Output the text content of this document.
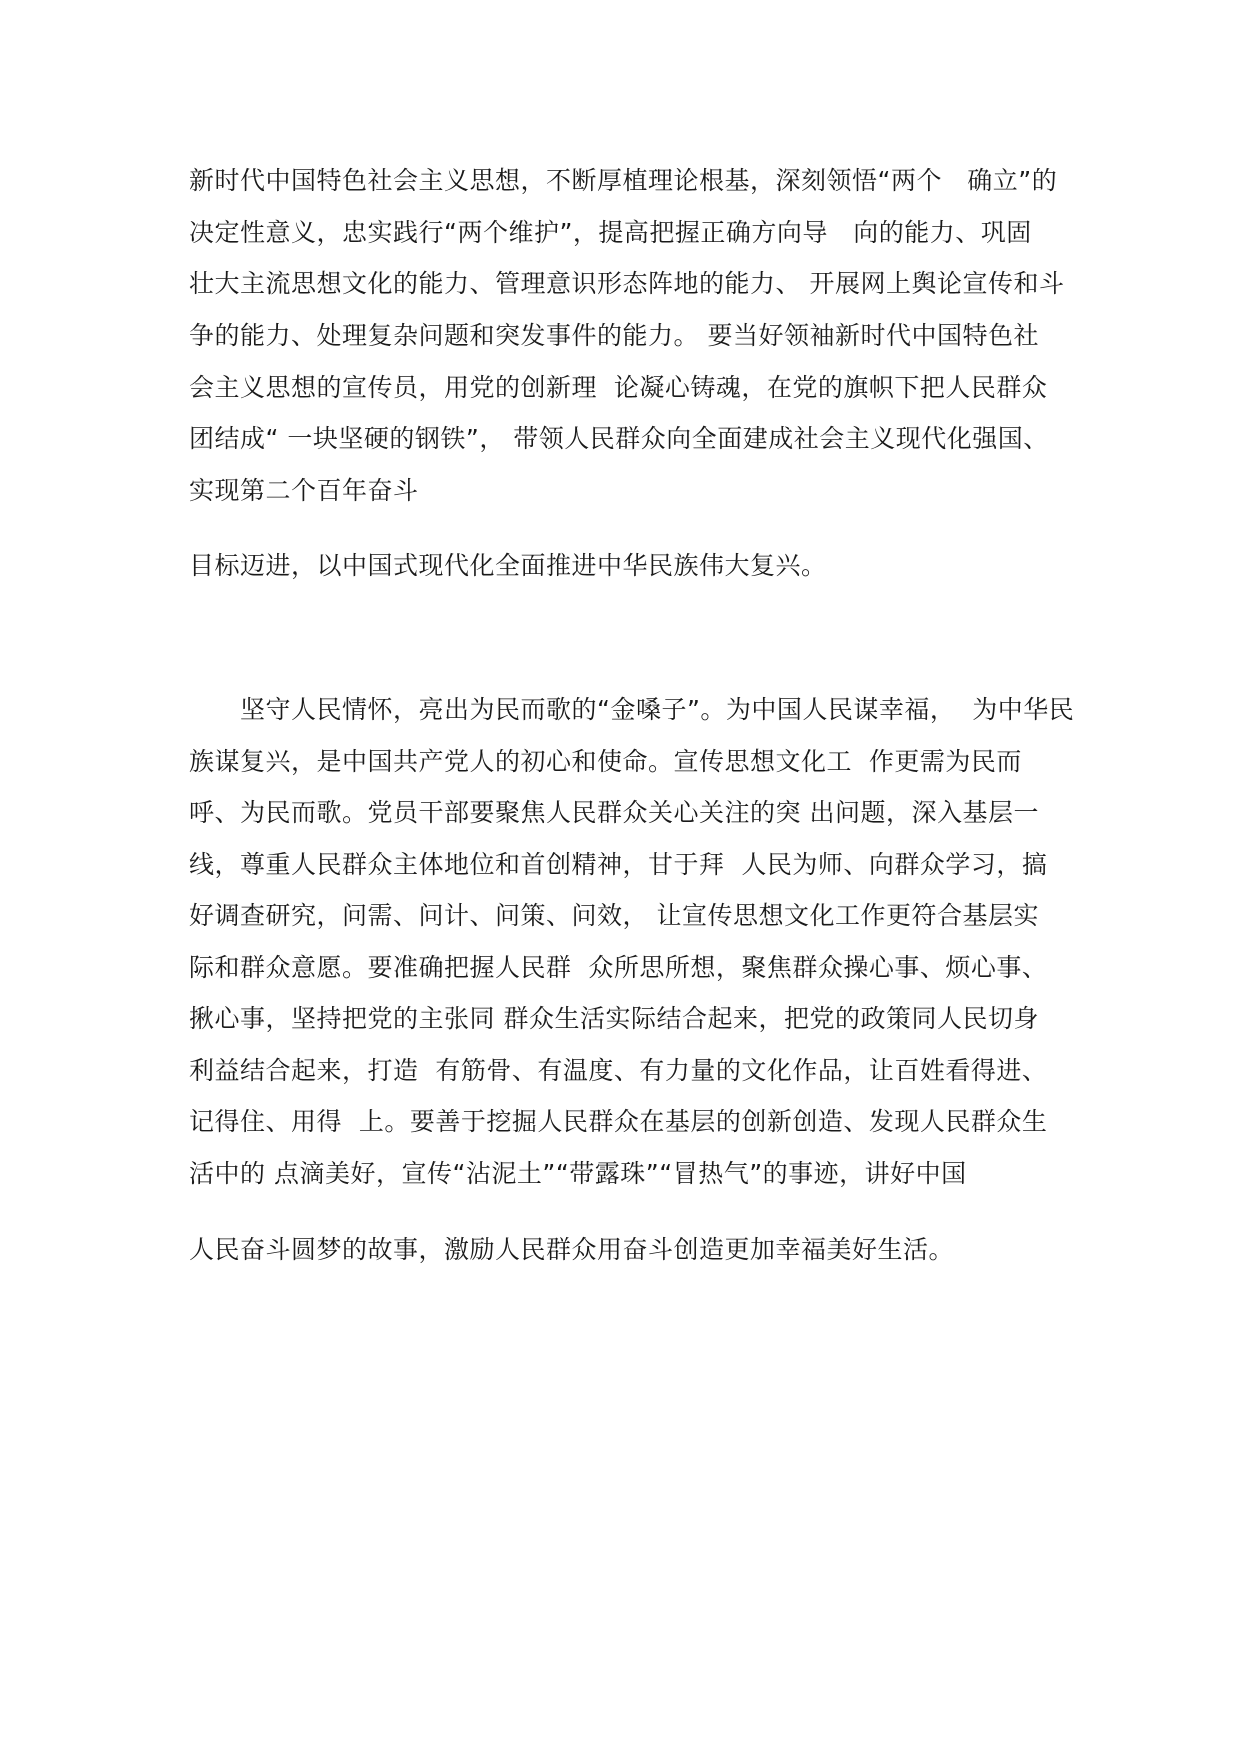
新时代中国特色社会主义思想，不断厚植理论根基，深刻领悟“两个   确立”的
决定性意义，忠实践行“两个维护”，提高把握正确方向导   向的能力、巩固
壮大主流思想文化的能力、管理意识形态阵地的能力、 开展网上舆论宣传和斗
争的能力、处理复杂问题和突发事件的能力。 要当好领袖新时代中国特色社
会主义思想的宣传员，用党的创新理  论凝心铸魂，在党的旗帜下把人民群众
团结成“ 一块坚硬的钢铁”， 带领人民群众向全面建成社会主义现代化强国、
实现第二个百年奋斗
目标迈进，以中国式现代化全面推进中华民族伟大复兴。
坚守人民情怀，亮出为民而歌的“金嗓子”。为中国人民谋幸福，  为中华民
族谋复兴，是中国共产党人的初心和使命。宣传思想文化工  作更需为民而
呼、为民而歌。党员干部要聚焦人民群众关心关注的突 出问题，深入基层一
线，尊重人民群众主体地位和首创精神，甘于拜  人民为师、向群众学习，搞
好调查研究，问需、问计、问策、问效， 让宣传思想文化工作更符合基层实
际和群众意愿。要准确把握人民群  众所思所想，聚焦群众操心事、烦心事、
揪心事，坚持把党的主张同 群众生活实际结合起来，把党的政策同人民切身
利益结合起来，打造  有筋骨、有温度、有力量的文化作品，让百姓看得进、
记得住、用得  上。要善于挖掘人民群众在基层的创新创造、发现人民群众生
活中的 点滴美好，宣传“沾泥土”“带露珠”“冒热气”的事迹，讲好中国
人民奋斗圆梦的故事，激励人民群众用奋斗创造更加幸福美好生活。
